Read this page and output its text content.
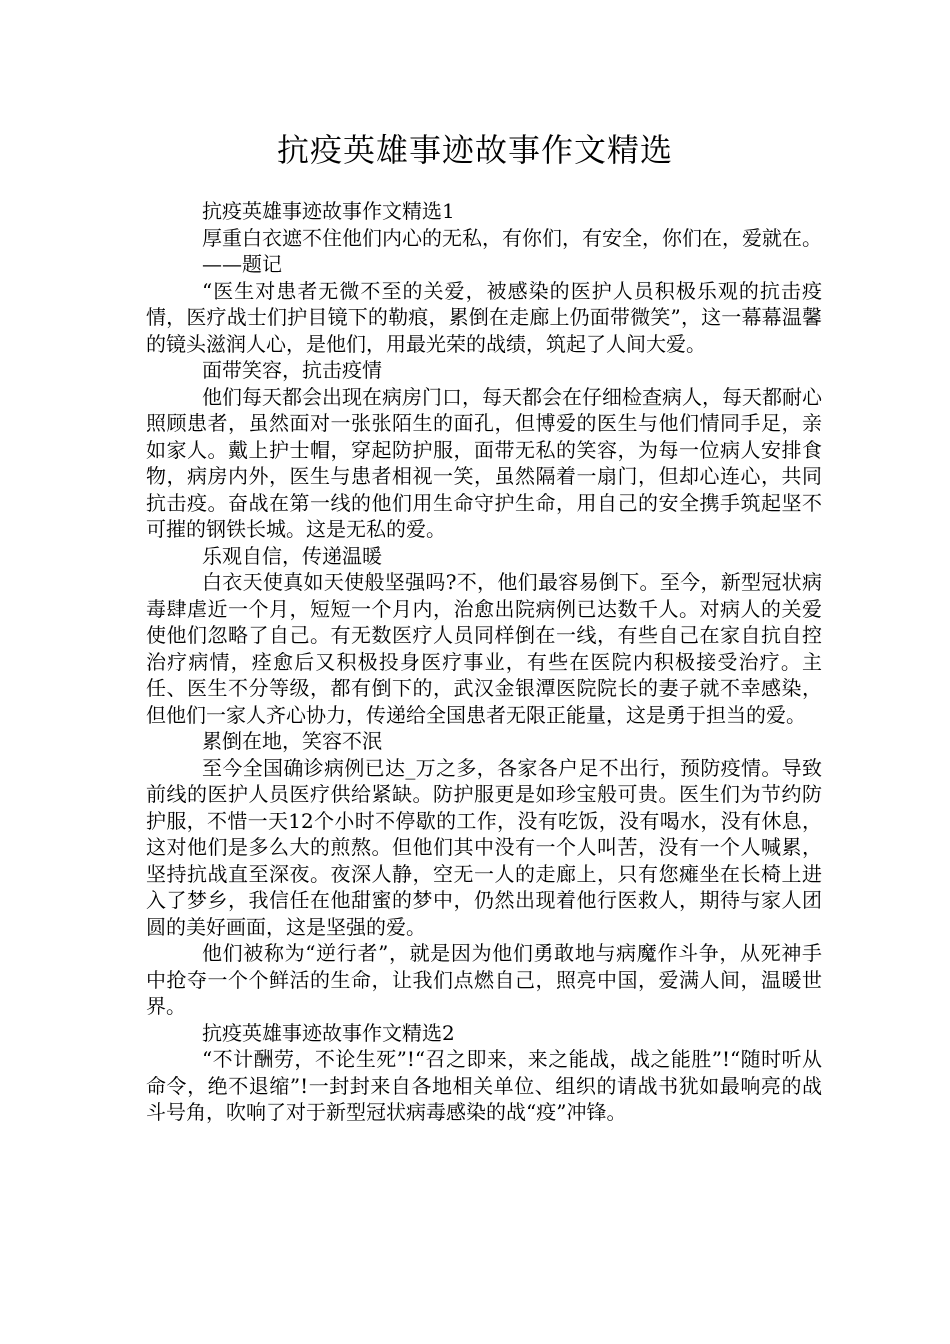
抗疫英雄事迹故事作文精选

抗疫英雄事迹故事作文精选1

厚重白衣遮不住他们内心的无私，有你们，有安全，你们在，爱就在。

——题记

“医生对患者无微不至的关爱，被感染的医护人员积极乐观的抗击疫情，医疗战士们护目镜下的勒痕，累倒在走廊上仍面带微笑”，这一幕幕温馨的镜头滋润人心，是他们，用最光荣的战绩，筑起了人间大爱。

面带笑容，抗击疫情

他们每天都会出现在病房门口，每天都会在仔细检查病人，每天都耐心照顾患者，虽然面对一张张陌生的面孔，但博爱的医生与他们情同手足，亲如家人。戴上护士帽，穿起防护服，面带无私的笑容，为每一位病人安排食物，病房内外，医生与患者相视一笑，虽然隔着一扇门，但却心连心，共同抗击疫。奋战在第一线的他们用生命守护生命，用自己的安全携手筑起坚不可摧的钢铁长城。这是无私的爱。

乐观自信，传递温暖

白衣天使真如天使般坚强吗?不，他们最容易倒下。至今，新型冠状病毒肆虐近一个月，短短一个月内，治愈出院病例已达数千人。对病人的关爱使他们忽略了自己。有无数医疗人员同样倒在一线，有些自己在家自抗自控治疗病情，痊愈后又积极投身医疗事业，有些在医院内积极接受治疗。主任、医生不分等级，都有倒下的，武汉金银潭医院院长的妻子就不幸感染，但他们一家人齐心协力，传递给全国患者无限正能量，这是勇于担当的爱。

累倒在地，笑容不泯

至今全国确诊病例已达_万之多，各家各户足不出行，预防疫情。导致前线的医护人员医疗供给紧缺。防护服更是如珍宝般可贵。医生们为节约防护服，不惜一天12个小时不停歇的工作，没有吃饭，没有喝水，没有休息，这对他们是多么大的煎熬。但他们其中没有一个人叫苦，没有一个人喊累，坚持抗战直至深夜。夜深人静，空无一人的走廊上，只有您瘫坐在长椅上进入了梦乡，我信任在他甜蜜的梦中，仍然出现着他行医救人，期待与家人团圆的美好画面，这是坚强的爱。

他们被称为“逆行者”，就是因为他们勇敢地与病魔作斗争，从死神手中抢夺一个个鲜活的生命，让我们点燃自己，照亮中国，爱满人间，温暖世界。

抗疫英雄事迹故事作文精选2

“不计酬劳，不论生死”!“召之即来，来之能战，战之能胜”!“随时听从命令，绝不退缩”!一封封来自各地相关单位、组织的请战书犹如最响亮的战斗号角，吹响了对于新型冠状病毒感染的战“疫”冲锋。
